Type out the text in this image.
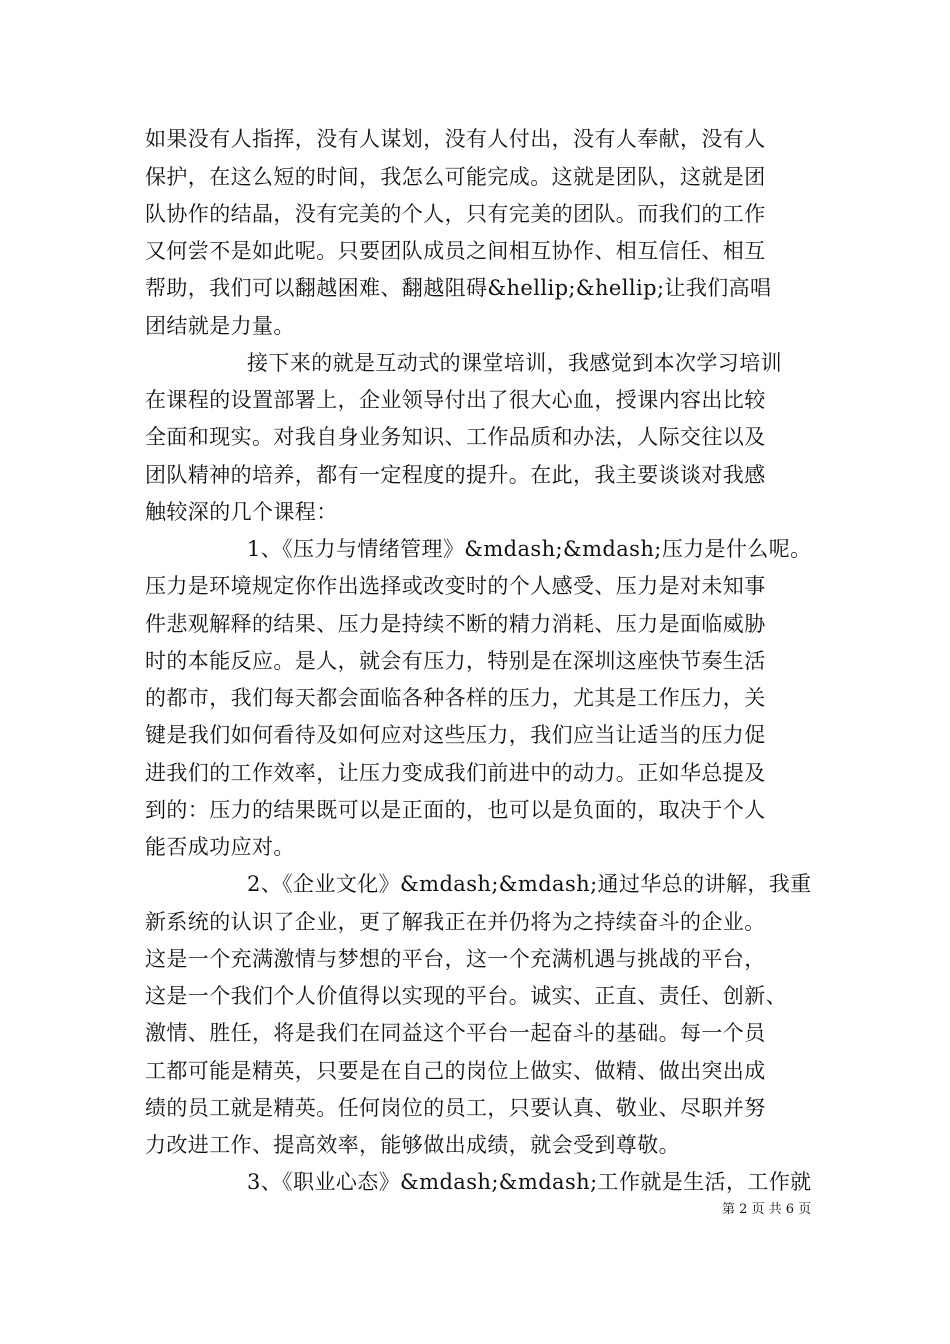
如果没有人指挥，没有人谋划，没有人付出，没有人奉献，没有人
保护，在这么短的时间，我怎么可能完成。这就是团队，这就是团
队协作的结晶，没有完美的个人，只有完美的团队。而我们的工作
又何尝不是如此呢。只要团队成员之间相互协作、相互信任、相互
帮助，我们可以翻越困难、翻越阻碍&hellip;&hellip;让我们高唱
团结就是力量。
接下来的就是互动式的课堂培训，我感觉到本次学习培训
在课程的设置部署上，企业领导付出了很大心血，授课内容出比较
全面和现实。对我自身业务知识、工作品质和办法，人际交往以及
团队精神的培养，都有一定程度的提升。在此，我主要谈谈对我感
触较深的几个课程：
1、《压力与情绪管理》&mdash;&mdash;压力是什么呢。
压力是环境规定你作出选择或改变时的个人感受、压力是对未知事
件悲观解释的结果、压力是持续不断的精力消耗、压力是面临威胁
时的本能反应。是人，就会有压力，特别是在深圳这座快节奏生活
的都市，我们每天都会面临各种各样的压力，尤其是工作压力，关
键是我们如何看待及如何应对这些压力，我们应当让适当的压力促
进我们的工作效率，让压力变成我们前进中的动力。正如华总提及
到的：压力的结果既可以是正面的，也可以是负面的，取决于个人
能否成功应对。
2、《企业文化》&mdash;&mdash;通过华总的讲解，我重
新系统的认识了企业，更了解我正在并仍将为之持续奋斗的企业。
这是一个充满激情与梦想的平台，这一个充满机遇与挑战的平台，
这是一个我们个人价值得以实现的平台。诚实、正直、责任、创新、
激情、胜任，将是我们在同益这个平台一起奋斗的基础。每一个员
工都可能是精英，只要是在自己的岗位上做实、做精、做出突出成
绩的员工就是精英。任何岗位的员工，只要认真、敬业、尽职并努
力改进工作、提高效率，能够做出成绩，就会受到尊敬。
3、《职业心态》&mdash;&mdash;工作就是生活，工作就
第 2 页 共 6 页
